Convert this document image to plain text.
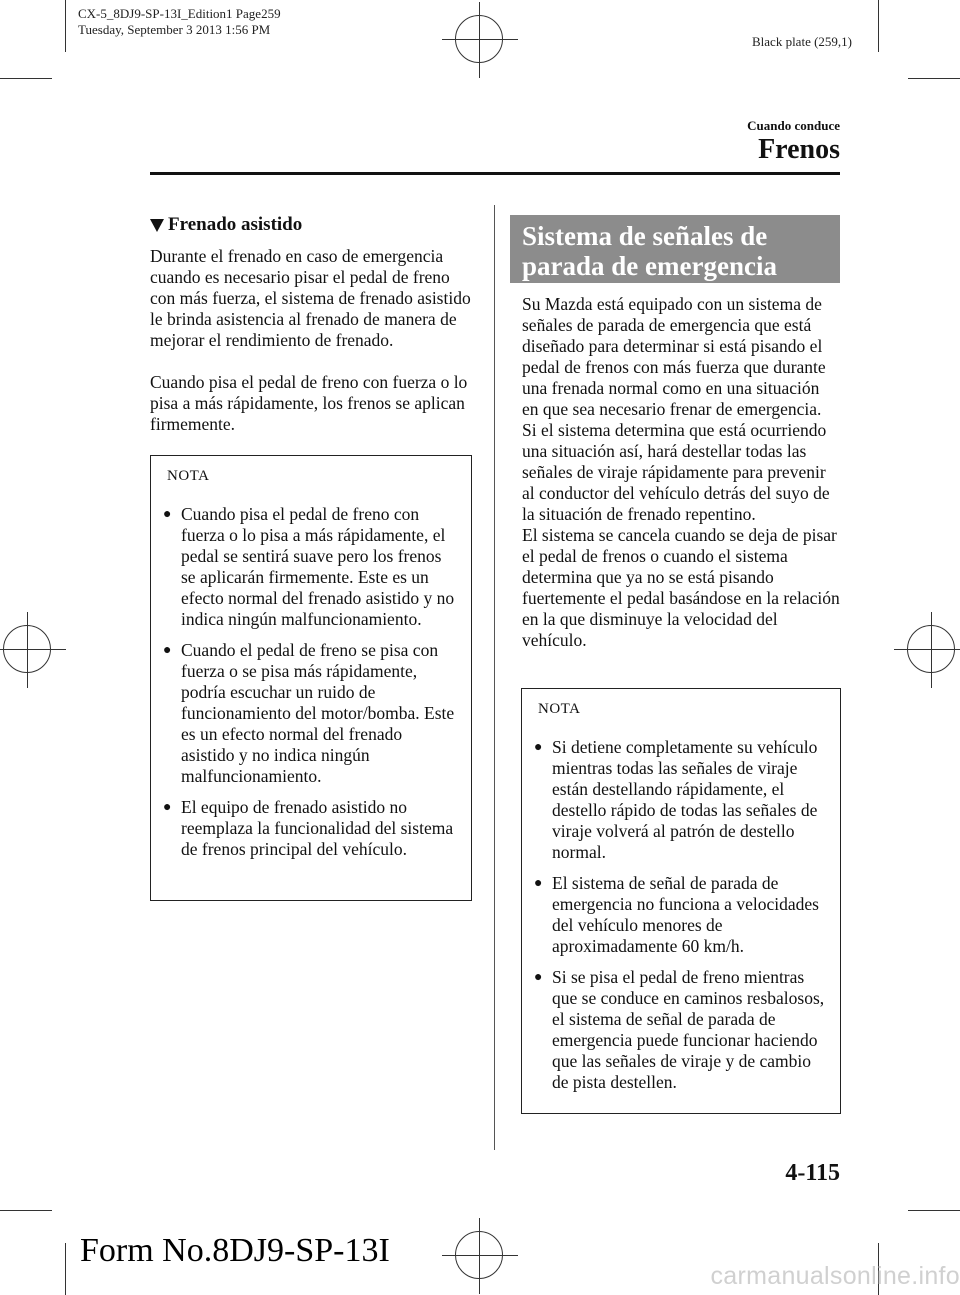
CX-5_8DJ9-SP-13I_Edition1 Page259
Tuesday, September 3 2013 1:56 PM
Black plate (259,1)
Cuando conduce
Frenos
Frenado asistido

Durante el frenado en caso de emergencia cuando es necesario pisar el pedal de freno con más fuerza, el sistema de frenado asistido le brinda asistencia al frenado de manera de mejorar el rendimiento de frenado.

Cuando pisa el pedal de freno con fuerza o lo pisa a más rápidamente, los frenos se aplican firmemente.

NOTA
● Cuando pisa el pedal de freno con fuerza o lo pisa a más rápidamente, el pedal se sentirá suave pero los frenos se aplicarán firmemente. Este es un efecto normal del frenado asistido y no indica ningún malfuncionamiento.
● Cuando el pedal de freno se pisa con fuerza o se pisa más rápidamente, podría escuchar un ruido de funcionamiento del motor/bomba. Este es un efecto normal del frenado asistido y no indica ningún malfuncionamiento.
● El equipo de frenado asistido no reemplaza la funcionalidad del sistema de frenos principal del vehículo.
Sistema de señales de
parada de emergencia

Su Mazda está equipado con un sistema de señales de parada de emergencia que está diseñado para determinar si está pisando el pedal de frenos con más fuerza que durante una frenada normal como en una situación en que sea necesario frenar de emergencia. Si el sistema determina que está ocurriendo una situación así, hará destellar todas las señales de viraje rápidamente para prevenir al conductor del vehículo detrás del suyo de la situación de frenado repentino.

El sistema se cancela cuando se deja de pisar el pedal de frenos o cuando el sistema determina que ya no se está pisando fuertemente el pedal basándose en la relación en la que disminuye la velocidad del vehículo.

NOTA
● Si detiene completamente su vehículo mientras todas las señales de viraje están destellando rápidamente, el destello rápido de todas las señales de viraje volverá al patrón de destello normal.
● El sistema de señal de parada de emergencia no funciona a velocidades del vehículo menores de aproximadamente 60 km/h.
● Si se pisa el pedal de freno mientras que se conduce en caminos resbalosos, el sistema de señal de parada de emergencia puede funcionar haciendo que las señales de viraje y de cambio de pista destellen.
4-115
Form No.8DJ9-SP-13I
carmanualsonline.info
